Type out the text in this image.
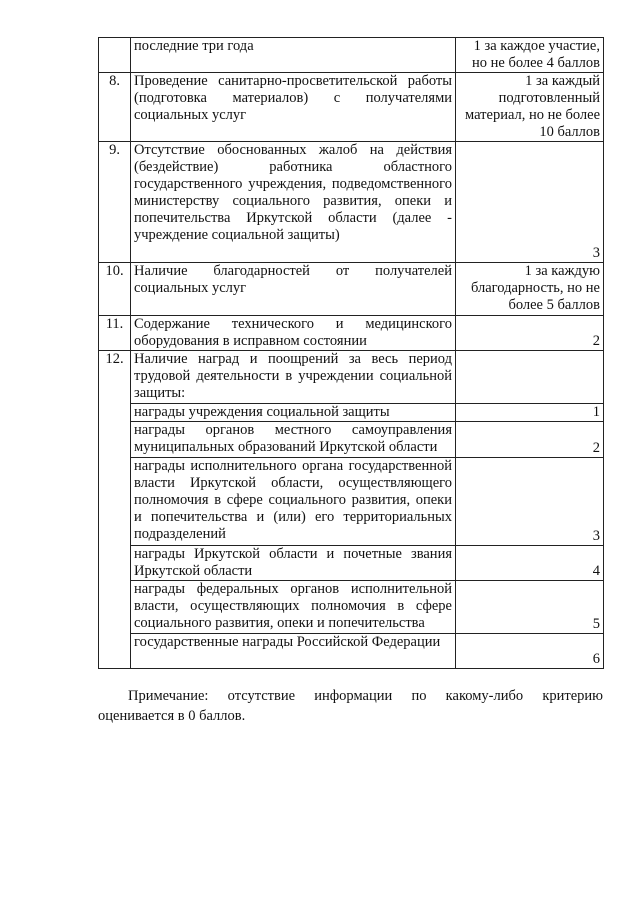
	последние три года	1 за каждое участие, но не более 4 баллов
8.	Проведение санитарно-просветительской работы (подготовка материалов) с получателями социальных услуг	1 за каждый подготовленный материал, но не более 10 баллов
9.	Отсутствие обоснованных жалоб на действия (бездействие) работника областного государственного учреждения, подведомственного министерству социального развития, опеки и попечительства Иркутской области (далее - учреждение социальной защиты)	3
10.	Наличие благодарностей от получателей социальных услуг	1 за каждую благодарность, но не более 5 баллов
11.	Содержание технического и медицинского оборудования в исправном состоянии	2
12.	Наличие наград и поощрений за весь период трудовой деятельности в учреждении социальной защиты:	
	награды учреждения социальной защиты	1
	награды органов местного самоуправления муниципальных образований Иркутской области	2
	награды исполнительного органа государственной власти Иркутской области, осуществляющего полномочия в сфере социального развития, опеки и попечительства и (или) его территориальных подразделений	3
	награды Иркутской области и почетные звания Иркутской области	4
	награды федеральных органов исполнительной власти, осуществляющих полномочия в сфере социального развития, опеки и попечительства	5
	государственные награды Российской Федерации	6

Примечание: отсутствие информации по какому-либо критерию оценивается в 0 баллов.
